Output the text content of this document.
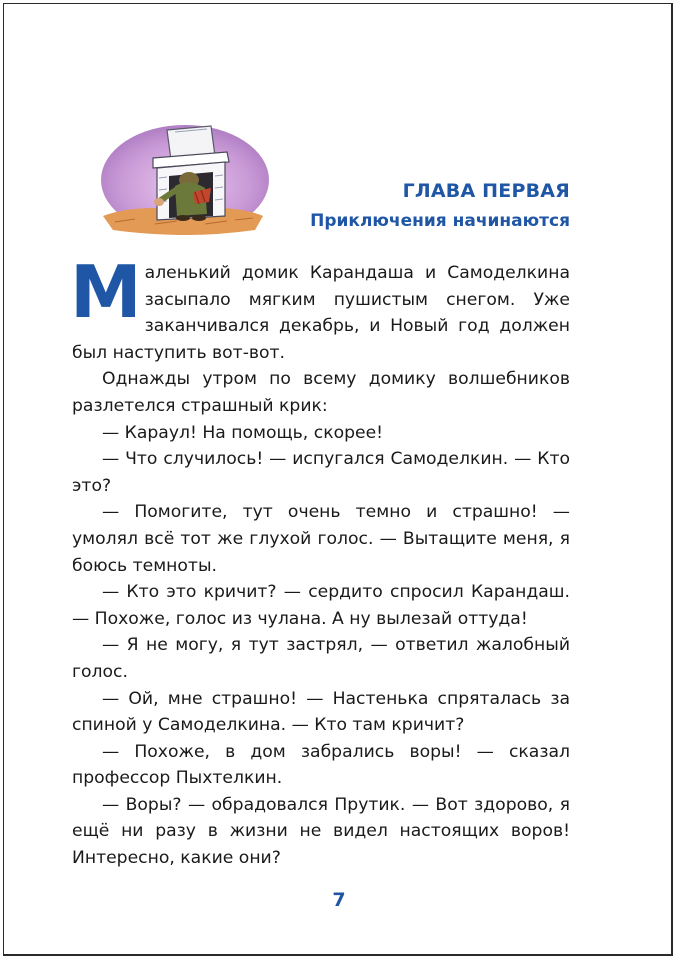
ГЛАВА ПЕРВАЯ
Приключения начинаются

Маленький домик Карандаша и Самоделкина засыпало мягким пушистым снегом. Уже заканчивался декабрь, и Новый год должен был наступить вот-вот.

Однажды утром по всему домику волшебников разлетелся страшный крик:

— Караул! На помощь, скорее!

— Что случилось! — испугался Самоделкин. — Кто это?

— Помогите, тут очень темно и страшно! — умолял всё тот же глухой голос. — Вытащите меня, я боюсь темноты.

— Кто это кричит? — сердито спросил Карандаш. — Похоже, голос из чулана. А ну вылезай оттуда!

— Я не могу, я тут застрял, — ответил жалобный голос.

— Ой, мне страшно! — Настенька спряталась за спиной у Самоделкина. — Кто там кричит?

— Похоже, в дом забрались воры! — сказал профессор Пыхтелкин.

— Воры? — обрадовался Прутик. — Вот здорово, я ещё ни разу в жизни не видел настоящих воров! Интересно, какие они?

7
